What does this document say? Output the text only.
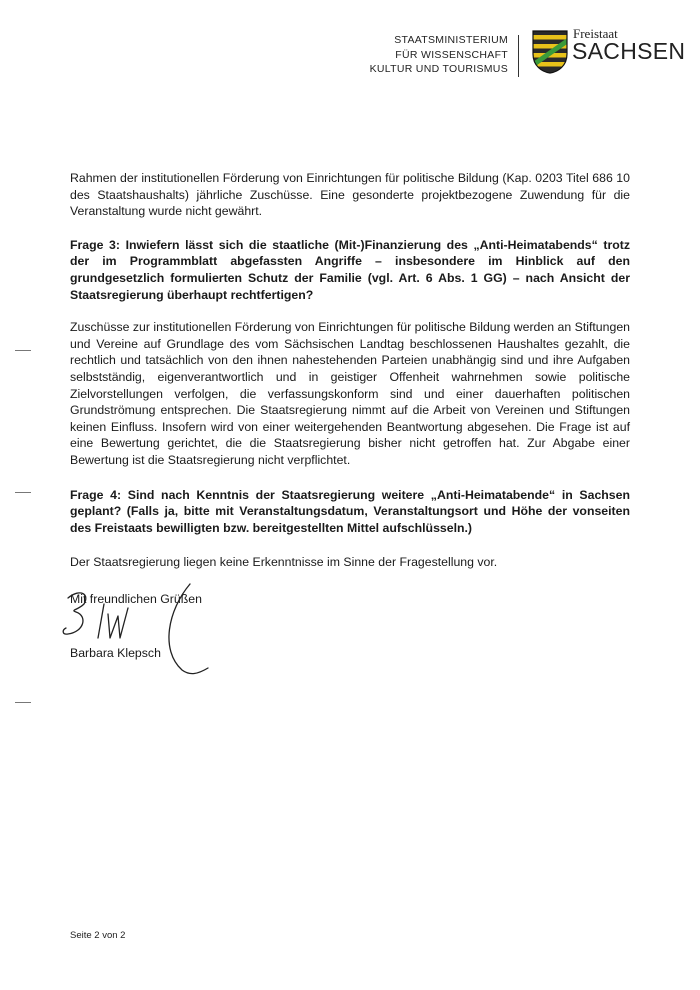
STAATSMINISTERIUM
FÜR WISSENSCHAFT
KULTUR UND TOURISMUS
Freistaat
SACHSEN

Rahmen der institutionellen Förderung von Einrichtungen für politische Bildung (Kap. 0203 Titel 686 10 des Staatshaushalts) jährliche Zuschüsse. Eine gesonderte projektbezogene Zuwendung für die Veranstaltung wurde nicht gewährt.

Frage 3: Inwiefern lässt sich die staatliche (Mit-)Finanzierung des „Anti-Heimatabends“ trotz der im Programmblatt abgefassten Angriffe – insbesondere im Hinblick auf den grundgesetzlich formulierten Schutz der Familie (vgl. Art. 6 Abs. 1 GG) – nach Ansicht der Staatsregierung überhaupt rechtfertigen?

Zuschüsse zur institutionellen Förderung von Einrichtungen für politische Bildung werden an Stiftungen und Vereine auf Grundlage des vom Sächsischen Landtag beschlossenen Haushaltes gezahlt, die rechtlich und tatsächlich von den ihnen nahestehenden Parteien unabhängig sind und ihre Aufgaben selbstständig, eigenverantwortlich und in geistiger Offenheit wahrnehmen sowie politische Zielvorstellungen verfolgen, die verfassungskonform sind und einer dauerhaften politischen Grundströmung entsprechen. Die Staatsregierung nimmt auf die Arbeit von Vereinen und Stiftungen keinen Einfluss. Insofern wird von einer weitergehenden Beantwortung abgesehen. Die Frage ist auf eine Bewertung gerichtet, die die Staatsregierung bisher nicht getroffen hat. Zur Abgabe einer Bewertung ist die Staatsregierung nicht verpflichtet.

Frage 4: Sind nach Kenntnis der Staatsregierung weitere „Anti-Heimatabende“ in Sachsen geplant? (Falls ja, bitte mit Veranstaltungsdatum, Veranstaltungsort und Höhe der vonseiten des Freistaats bewilligten bzw. bereitgestellten Mittel aufschlüsseln.)

Der Staatsregierung liegen keine Erkenntnisse im Sinne der Fragestellung vor.

Mit freundlichen Grüßen

Barbara Klepsch
Seite 2 von 2
